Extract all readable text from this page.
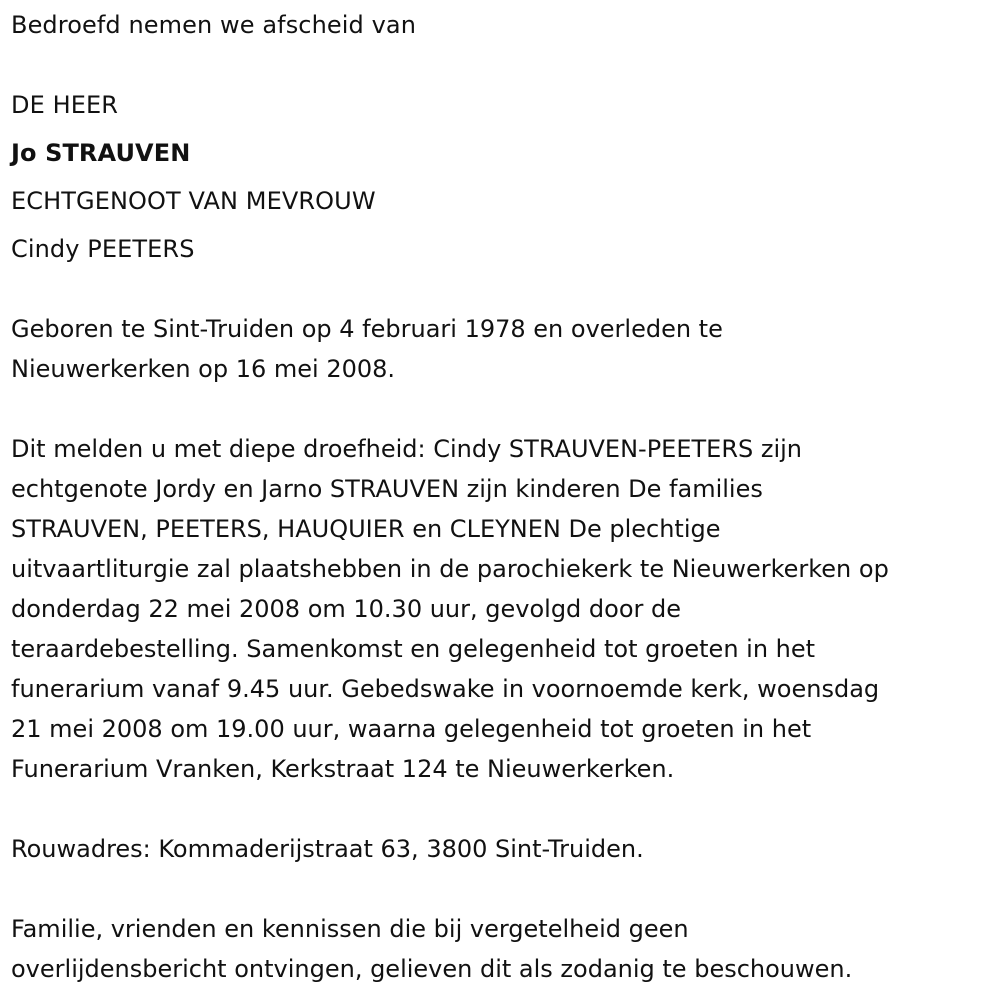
Bedroefd nemen we afscheid van
DE HEER
Jo STRAUVEN
ECHTGENOOT VAN MEVROUW
Cindy PEETERS
Geboren te Sint-Truiden op 4 februari 1978 en overleden te
Nieuwerkerken op 16 mei 2008.
Dit melden u met diepe droefheid: Cindy STRAUVEN-PEETERS zijn
echtgenote Jordy en Jarno STRAUVEN zijn kinderen De families
STRAUVEN, PEETERS, HAUQUIER en CLEYNEN De plechtige
uitvaartliturgie zal plaatshebben in de parochiekerk te Nieuwerkerken op
donderdag 22 mei 2008 om 10.30 uur, gevolgd door de
teraardebestelling. Samenkomst en gelegenheid tot groeten in het
funerarium vanaf 9.45 uur. Gebedswake in voornoemde kerk, woensdag
21 mei 2008 om 19.00 uur, waarna gelegenheid tot groeten in het
Funerarium Vranken, Kerkstraat 124 te Nieuwerkerken.
Rouwadres: Kommaderijstraat 63, 3800 Sint-Truiden.
Familie, vrienden en kennissen die bij vergetelheid geen
overlijdensbericht ontvingen, gelieven dit als zodanig te beschouwen.
